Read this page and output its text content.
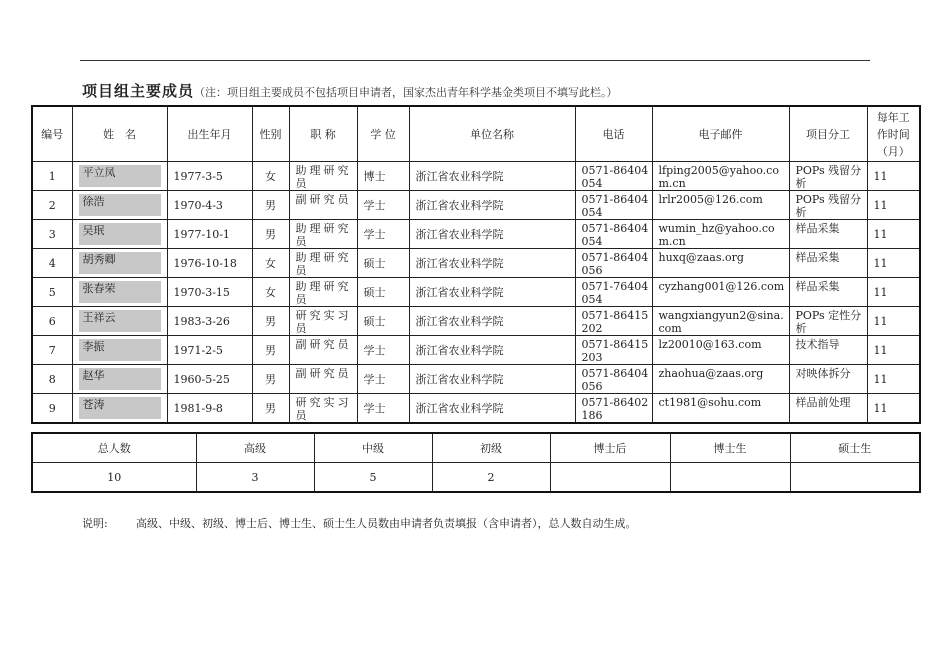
项目组主要成员（注：项目组主要成员不包括项目申请者，国家杰出青年科学基金类项目不填写此栏。）
编号	姓　名	出生年月	性别	职 称	学 位	单位名称	电话	电子邮件	项目分工	每年工作时间（月）
1	平立凤	1977-3-5	女	助理研究员	博士	浙江省农业科学院	0571-86404054	lfping2005@yahoo.com.cn	POPs 残留分析	11
2	徐浩	1970-4-3	男	副研究员	学士	浙江省农业科学院	0571-86404054	lrlr2005@126.com	POPs 残留分析	11
3	吴珉	1977-10-1	男	助理研究员	学士	浙江省农业科学院	0571-86404054	wumin_hz@yahoo.com.cn	样品采集	11
4	胡秀卿	1976-10-18	女	助理研究员	硕士	浙江省农业科学院	0571-86404056	huxq@zaas.org	样品采集	11
5	张春荣	1970-3-15	女	助理研究员	硕士	浙江省农业科学院	0571-76404054	cyzhang001@126.com	样品采集	11
6	王祥云	1983-3-26	男	研究实习员	硕士	浙江省农业科学院	0571-86415202	wangxiangyun2@sina.com	POPs 定性分析	11
7	李振	1971-2-5	男	副研究员	学士	浙江省农业科学院	0571-86415203	lz20010@163.com	技术指导	11
8	赵华	1960-5-25	男	副研究员	学士	浙江省农业科学院	0571-86404056	zhaohua@zaas.org	对映体拆分	11
9	苍涛	1981-9-8	男	研究实习员	学士	浙江省农业科学院	0571-86402186	ct1981@sohu.com	样品前处理	11
总人数	高级	中级	初级	博士后	博士生	硕士生
10	3	5	2			
说明:	高级、中级、初级、博士后、博士生、硕士生人员数由申请者负责填报（含申请者），总人数自动生成。
